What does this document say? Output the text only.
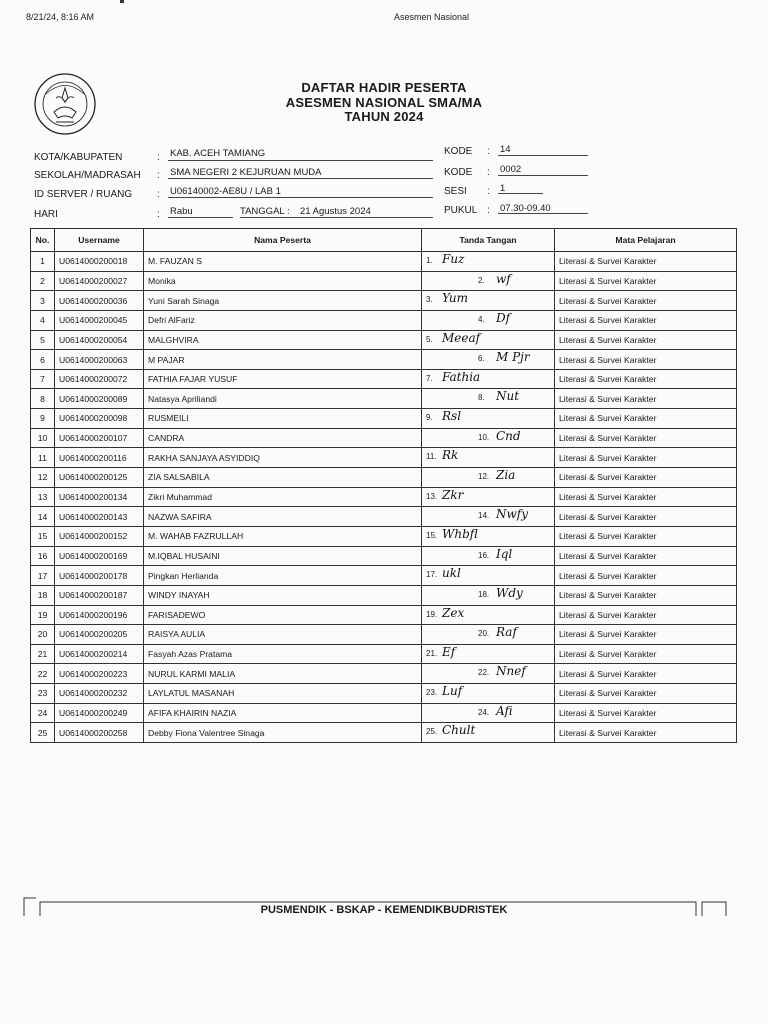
8/21/24, 8:16 AM	Asesmen Nasional
DAFTAR HADIR PESERTA
ASESMEN NASIONAL SMA/MA
TAHUN 2024
KOTA/KABUPATEN	: KAB. ACEH TAMIANG
SEKOLAH/MADRASAH : SMA NEGERI 2 KEJURUAN MUDA
ID SERVER / RUANG : U06140002-AE8U / LAB 1
HARI	: Rabu	TANGGAL : 21 Agustus 2024
KODE : 14
KODE : 0002
SESI : 1
PUKUL : 07.30-09.40
No.	Username	Nama Peserta	Tanda Tangan	Mata Pelajaran
1	U0614000200018	M. FAUZAN S	1. Fuz	Literasi & Survei Karakter
2	U0614000200027	Monika	2. wf	Literasi & Survei Karakter
3	U0614000200036	Yuni Sarah Sinaga	3. Yum	Literasi & Survei Karakter
4	U0614000200045	Defri AlFariz	4. Df	Literasi & Survei Karakter
5	U0614000200054	MALGHVIRA	5. Meeaf	Literasi & Survei Karakter
6	U0614000200063	M PAJAR	6. M Pjr	Literasi & Survei Karakter
7	U0614000200072	FATHIA FAJAR YUSUF	7. Fathia	Literasi & Survei Karakter
8	U0614000200089	Natasya Apriliandi	8. Nut	Literasi & Survei Karakter
9	U0614000200098	RUSMEILI	9. Rsl	Literasi & Survei Karakter
10	U0614000200107	CANDRA	10. Cnd	Literasi & Survei Karakter
11	U0614000200116	RAKHA SANJAYA ASYIDDIQ	11. Rk	Literasi & Survei Karakter
12	U0614000200125	ZIA SALSABILA	12. Zia	Literasi & Survei Karakter
13	U0614000200134	Zikri Muhammad	13. Zkr	Literasi & Survei Karakter
14	U0614000200143	NAZWA SAFIRA	14. Nwfy	Literasi & Survei Karakter
15	U0614000200152	M. WAHAB FAZRULLAH	15. Whbfl	Literasi & Survei Karakter
16	U0614000200169	M.IQBAL HUSAINI	16. Iql	Literasi & Survei Karakter
17	U0614000200178	Pingkan Herlianda	17. ukl	Literasi & Survei Karakter
18	U0614000200187	WINDY INAYAH	18. Wdy	Literasi & Survei Karakter
19	U0614000200196	FARISADEWO	19. Zex	Literasi & Survei Karakter
20	U0614000200205	RAISYA AULIA	20. Raf	Literasi & Survei Karakter
21	U0614000200214	Fasyah Azas Pratama	21. Ef	Literasi & Survei Karakter
22	U0614000200223	NURUL KARMI MALIA	22. Nnef	Literasi & Survei Karakter
23	U0614000200232	LAYLATUL MASANAH	23. Luf	Literasi & Survei Karakter
24	U0614000200249	AFIFA KHAIRIN NAZIA	24. Afi	Literasi & Survei Karakter
25	U0614000200258	Debby Fiona Valentree Sinaga	25. Chult	Literasi & Survei Karakter
PUSMENDIK - BSKAP - KEMENDIKBUDRISTEK
